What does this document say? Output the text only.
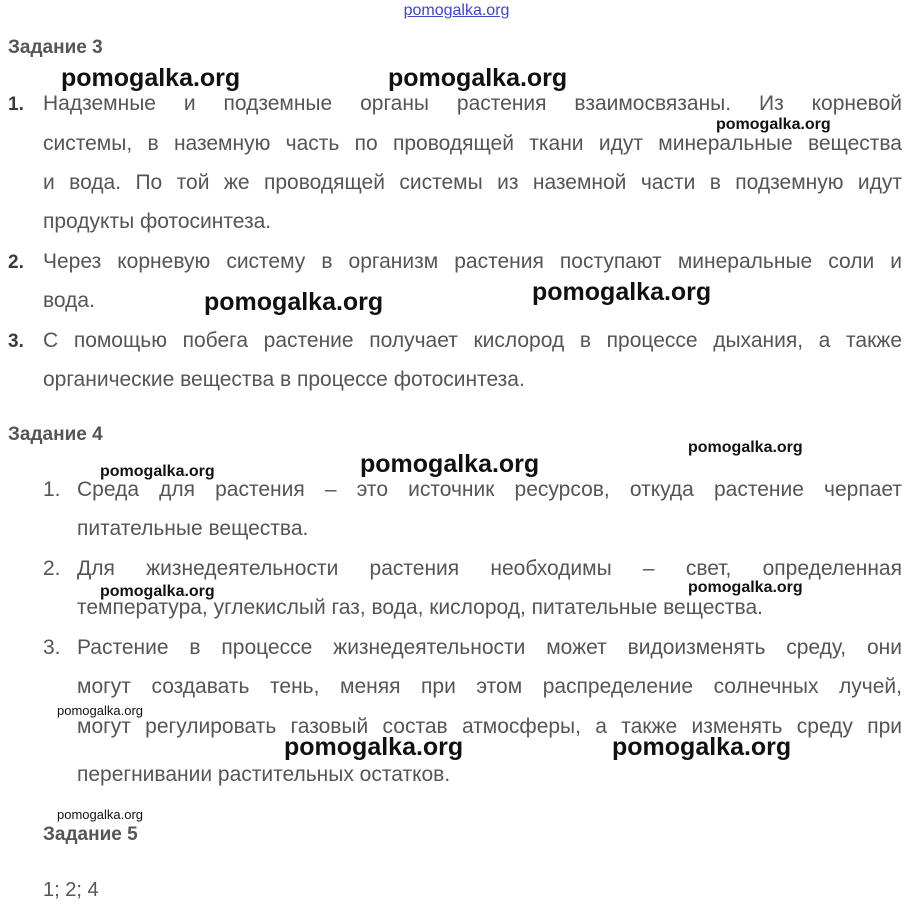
pomogalka.org
Задание 3
1. Надземные и подземные органы растения взаимосвязаны. Из корневой
системы, в наземную часть по проводящей ткани идут минеральные вещества
и вода. По той же проводящей системы из наземной части в подземную идут
продукты фотосинтеза.
2. Через корневую систему в организм растения поступают минеральные соли и
вода.
3. С помощью побега растение получает кислород в процессе дыхания, а также
органические вещества в процессе фотосинтеза.
Задание 4
1. Среда для растения – это источник ресурсов, откуда растение черпает
питательные вещества.
2. Для жизнедеятельности растения необходимы – свет, определенная
температура, углекислый газ, вода, кислород, питательные вещества.
3. Растение в процессе жизнедеятельности может видоизменять среду, они
могут создавать тень, меняя при этом распределение солнечных лучей,
могут регулировать газовый состав атмосферы, а также изменять среду при
перегнивании растительных остатков.
Задание 5
1; 2; 4
pomogalka.org	pomogalka.org
pomogalka.org
pomogalka.org	pomogalka.org
pomogalka.org
pomogalka.org
pomogalka.org
pomogalka.org	pomogalka.org
pomogalka.org
pomogalka.org	pomogalka.org
pomogalka.org
